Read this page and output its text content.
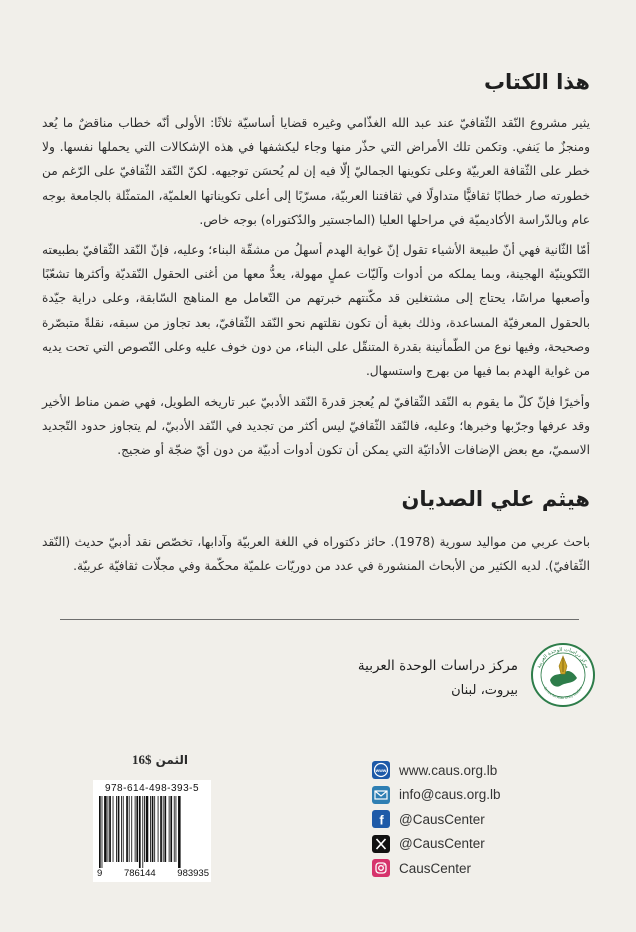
هذا الكتاب

يثير مشروع النّقد الثّقافيّ عند عبد الله الغذّامي وغيره قضايا أساسيّة ثلاثًا: الأولى أنّه خطاب مناقضٌ ما يُعد ومنجزٌ ما يَنفي. وتكمن تلك الأمراض التي حذّر منها وجاء ليكشفها في هذه الإشكالات التي يحملها نفسها. ولا خطر على الثّقافة العربيّة وعلى تكوينها الجماليّ إلّا فيه إن لم يُحسَن توجيهه. لكنّ النّقد الثّقافيّ على الرّغم من خطورته صار خطابًا ثقافيًّا متداولًا في ثقافتنا العربيّة، مسرّبًا إلى أعلى تكويناتها العلميّة، المتمثّلة بالجامعة بوجه عام وبالدّراسة الأكاديميّة في مراحلها العليا (الماجستير والدّكتوراه) بوجه خاص.

أمّا الثّانية فهي أنّ طبيعة الأشياء تقول إنّ غواية الهدم أسهلُ من مشقّة البناء؛ وعليه، فإنّ النّقد الثّقافيّ بطبيعته التّكوينيّة الهجينة، وبما يملكه من أدوات وآليّات عملٍ مهولة، يعدُّ معها من أغنى الحقول النّقديّة وأكثرها تشعّبًا وأصعبها مراسًا، يحتاج إلى مشتغلين قد مكّنتهم خبرتهم من التّعامل مع المناهج السّابقة، وعلى دراية جيّدة بالحقول المعرفيّة المساعدة، وذلك بغية أن تكون نقلتهم نحو النّقد الثّقافيّ، بعد تجاوز من سبقه، نقلةً متبصّرة وصحيحة، وفيها نوع من الطّمأنينة بقدرة المتنقّل على البناء، من دون خوف عليه وعلى النّصوص التي تحت يديه من غواية الهدم بما فيها من بهرج واستسهال.

وأخيرًا فإنّ كلّ ما يقوم به النّقد الثّقافيّ لم يُعجز قدرةَ النّقد الأدبيّ عبر تاريخه الطويل، فهي ضمن مناط الأخير وقد عرفها وجرّبها وخبرها؛ وعليه، فالنّقد الثّقافيّ ليس أكثر من تجديد في النّقد الأدبيّ، لم يتجاوز حدود التّجديد الاسميّ، مع بعض الإضافات الأداتيّة التي يمكن أن تكون أدوات أدبيّة من دون أيّ ضجّة أو ضجيج.

هيثم علي الصديان

باحث عربي من مواليد سورية (1978). حائز دكتوراه في اللغة العربيّة وآدابها، تخصّص نقد أدبيّ حديث (النّقد الثّقافيّ). لديه الكثير من الأبحاث المنشورة في عدد من دوريّات علميّة محكّمة وفي مجلّات ثقافيّة عربيّة.

مركز دراسات الوحدة العربية
Centre for Arab Unity Studies
مركز دراسات الوحدة العربية
بيروت، لبنان
الثمن $16
978-614-498-393-5
9 786144 983935
www www.caus.org.lb
info@caus.org.lb
f @CausCenter
@CausCenter
CausCenter
